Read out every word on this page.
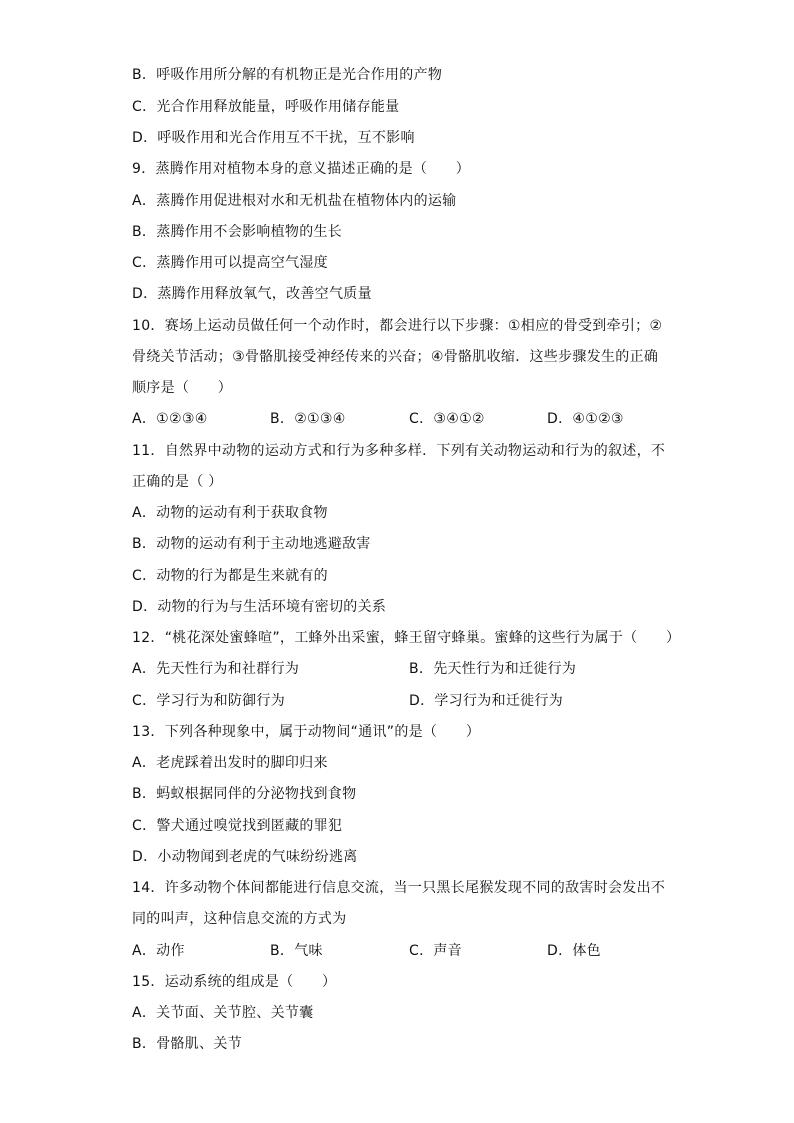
B．呼吸作用所分解的有机物正是光合作用的产物
C．光合作用释放能量，呼吸作用储存能量
D．呼吸作用和光合作用互不干扰，互不影响
9．蒸腾作用对植物本身的意义描述正确的是（　　）
A．蒸腾作用促进根对水和无机盐在植物体内的运输
B．蒸腾作用不会影响植物的生长
C．蒸腾作用可以提高空气湿度
D．蒸腾作用释放氧气，改善空气质量
10．赛场上运动员做任何一个动作时，都会进行以下步骤：①相应的骨受到牵引；②
骨绕关节活动；③骨骼肌接受神经传来的兴奋；④骨骼肌收缩．这些步骤发生的正确
顺序是（　　）
A．①②③④	B．②①③④	C．③④①②	D．④①②③
11．自然界中动物的运动方式和行为多种多样．下列有关动物运动和行为的叙述，不
正确的是（ ）
A．动物的运动有利于获取食物
B．动物的运动有利于主动地逃避敌害
C．动物的行为都是生来就有的
D．动物的行为与生活环境有密切的关系
12．“桃花深处蜜蜂喧”，工蜂外出采蜜，蜂王留守蜂巢。蜜蜂的这些行为属于（　　）
A．先天性行为和社群行为	B．先天性行为和迁徙行为
C．学习行为和防御行为	D．学习行为和迁徙行为
13．下列各种现象中，属于动物间“通讯”的是（　　）
A．老虎踩着出发时的脚印归来
B．蚂蚁根据同伴的分泌物找到食物
C．警犬通过嗅觉找到匿藏的罪犯
D．小动物闻到老虎的气味纷纷逃离
14．许多动物个体间都能进行信息交流，当一只黑长尾猴发现不同的敌害时会发出不
同的叫声，这种信息交流的方式为
A．动作	B．气味	C．声音	D．体色
15．运动系统的组成是（　　）
A．关节面、关节腔、关节囊
B．骨骼肌、关节
